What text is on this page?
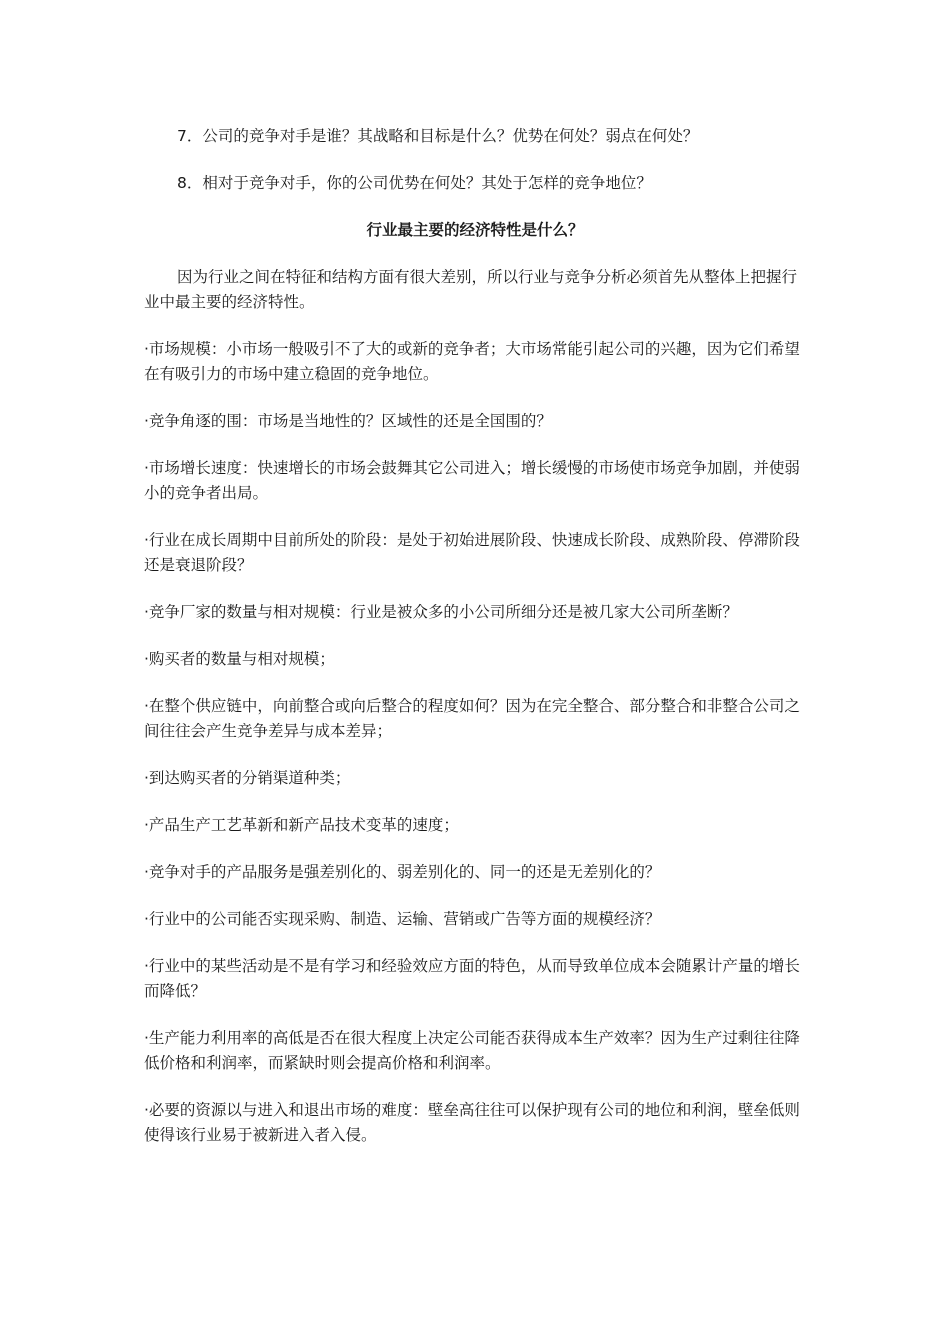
7．公司的竞争对手是谁？其战略和目标是什么？优势在何处？弱点在何处？

8．相对于竞争对手，你的公司优势在何处？其处于怎样的竞争地位？

行业最主要的经济特性是什么？

因为行业之间在特征和结构方面有很大差别，所以行业与竞争分析必须首先从整体上把握行业中最主要的经济特性。

·市场规模：小市场一般吸引不了大的或新的竞争者；大市场常能引起公司的兴趣，因为它们希望在有吸引力的市场中建立稳固的竞争地位。

·竞争角逐的围：市场是当地性的？区域性的还是全国围的？

·市场增长速度：快速增长的市场会鼓舞其它公司进入；增长缓慢的市场使市场竞争加剧，并使弱小的竞争者出局。

·行业在成长周期中目前所处的阶段：是处于初始进展阶段、快速成长阶段、成熟阶段、停滞阶段还是衰退阶段？

·竞争厂家的数量与相对规模：行业是被众多的小公司所细分还是被几家大公司所垄断？

·购买者的数量与相对规模；

·在整个供应链中，向前整合或向后整合的程度如何？因为在完全整合、部分整合和非整合公司之间往往会产生竞争差异与成本差异；

·到达购买者的分销渠道种类；

·产品生产工艺革新和新产品技术变革的速度；

·竞争对手的产品服务是强差别化的、弱差别化的、同一的还是无差别化的？

·行业中的公司能否实现采购、制造、运输、营销或广告等方面的规模经济？

·行业中的某些活动是不是有学习和经验效应方面的特色，从而导致单位成本会随累计产量的增长而降低？

·生产能力利用率的高低是否在很大程度上决定公司能否获得成本生产效率？因为生产过剩往往降低价格和利润率，而紧缺时则会提高价格和利润率。

·必要的资源以与进入和退出市场的难度：壁垒高往往可以保护现有公司的地位和利润，壁垒低则使得该行业易于被新进入者入侵。
